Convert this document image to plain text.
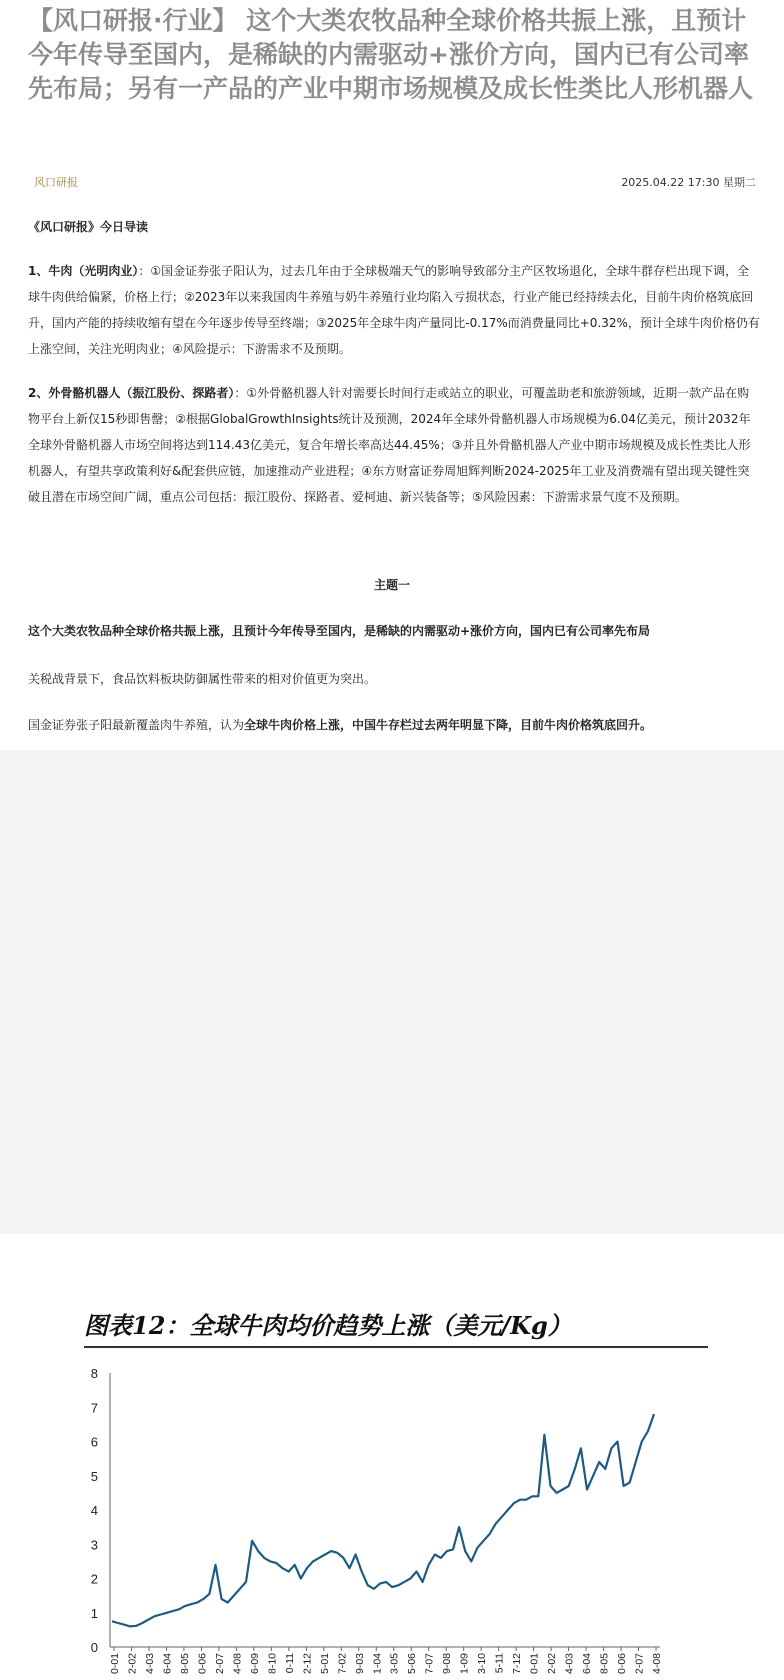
【风口研报·行业】 这个大类农牧品种全球价格共振上涨，且预计今年传导至国内，是稀缺的内需驱动+涨价方向，国内已有公司率先布局；另有一产品的产业中期市场规模及成长性类比人形机器人
风口研报	2025.04.22 17:30 星期二
《风口研报》今日导读
1、牛肉（光明肉业）：①国金证券张子阳认为，过去几年由于全球极端天气的影响导致部分主产区牧场退化，全球牛群存栏出现下调，全球牛肉供给偏紧，价格上行；②2023年以来我国肉牛养殖与奶牛养殖行业均陷入亏损状态，行业产能已经持续去化，目前牛肉价格筑底回升，国内产能的持续收缩有望在今年逐步传导至终端；③2025年全球牛肉产量同比-0.17%而消费量同比+0.32%，预计全球牛肉价格仍有上涨空间，关注光明肉业；④风险提示：下游需求不及预期。
2、外骨骼机器人（振江股份、探路者）：①外骨骼机器人针对需要长时间行走或站立的职业，可覆盖助老和旅游领域，近期一款产品在购物平台上新仅15秒即售罄；②根据GlobalGrowthInsights统计及预测，2024年全球外骨骼机器人市场规模为6.04亿美元，预计2032年全球外骨骼机器人市场空间将达到114.43亿美元，复合年增长率高达44.45%；③并且外骨骼机器人产业中期市场规模及成长性类比人形机器人，有望共享政策利好&配套供应链，加速推动产业进程；④东方财富证券周旭辉判断2024-2025年工业及消费端有望出现关键性突破且潜在市场空间广阔，重点公司包括：振江股份、探路者、爱柯迪、新兴装备等；⑤风险因素：下游需求景气度不及预期。
主题一
这个大类农牧品种全球价格共振上涨，且预计今年传导至国内，是稀缺的内需驱动+涨价方向，国内已有公司率先布局
关税战背景下，食品饮料板块防御属性带来的相对价值更为突出。
国金证券张子阳最新覆盖肉牛养殖，认为全球牛肉价格上涨，中国牛存栏过去两年明显下降，目前牛肉价格筑底回升。
图表12：全球牛肉均价趋势上涨（美元/Kg）
0
1
2
3
4
5
6
7
8
0-01 2-02 4-03 6-04 8-05 0-06 2-07 4-08 6-09 8-10 0-11 2-12 5-01 7-02 9-03 1-04 3-05 5-06 7-07 9-08 1-09 3-10 5-11 7-12 0-01 2-02 4-03 6-04 8-05 0-06 2-07 4-08
